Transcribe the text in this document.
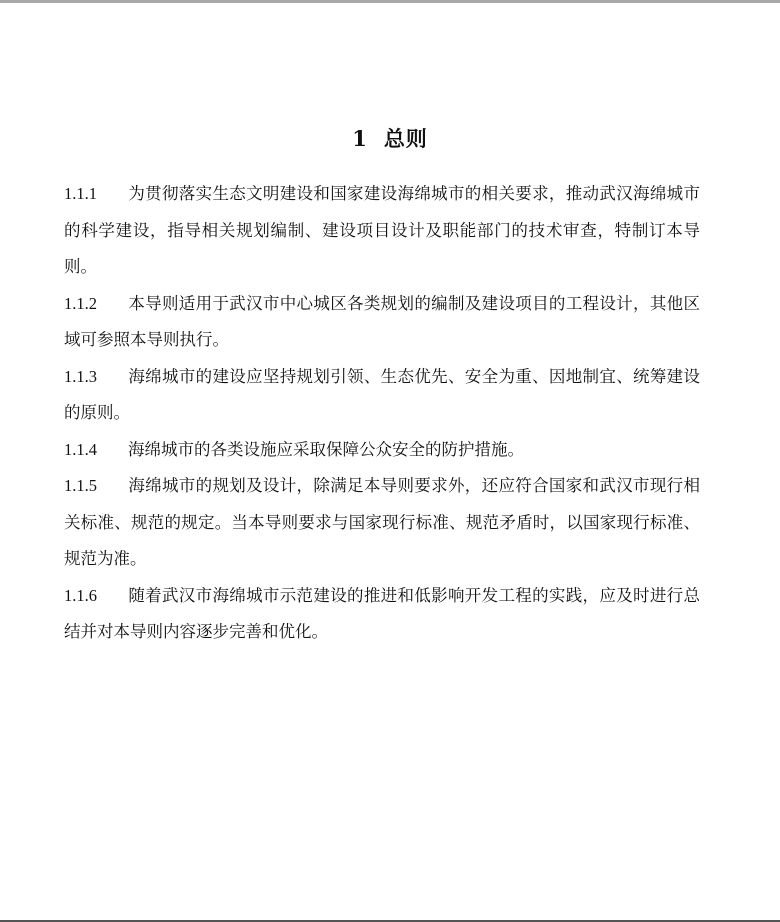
1 总则

1.1.1 为贯彻落实生态文明建设和国家建设海绵城市的相关要求，推动武汉海绵城市的科学建设，指导相关规划编制、建设项目设计及职能部门的技术审查，特制订本导则。

1.1.2 本导则适用于武汉市中心城区各类规划的编制及建设项目的工程设计，其他区域可参照本导则执行。

1.1.3 海绵城市的建设应坚持规划引领、生态优先、安全为重、因地制宜、统筹建设的原则。

1.1.4 海绵城市的各类设施应采取保障公众安全的防护措施。

1.1.5 海绵城市的规划及设计，除满足本导则要求外，还应符合国家和武汉市现行相关标准、规范的规定。当本导则要求与国家现行标准、规范矛盾时，以国家现行标准、规范为准。

1.1.6 随着武汉市海绵城市示范建设的推进和低影响开发工程的实践，应及时进行总结并对本导则内容逐步完善和优化。
